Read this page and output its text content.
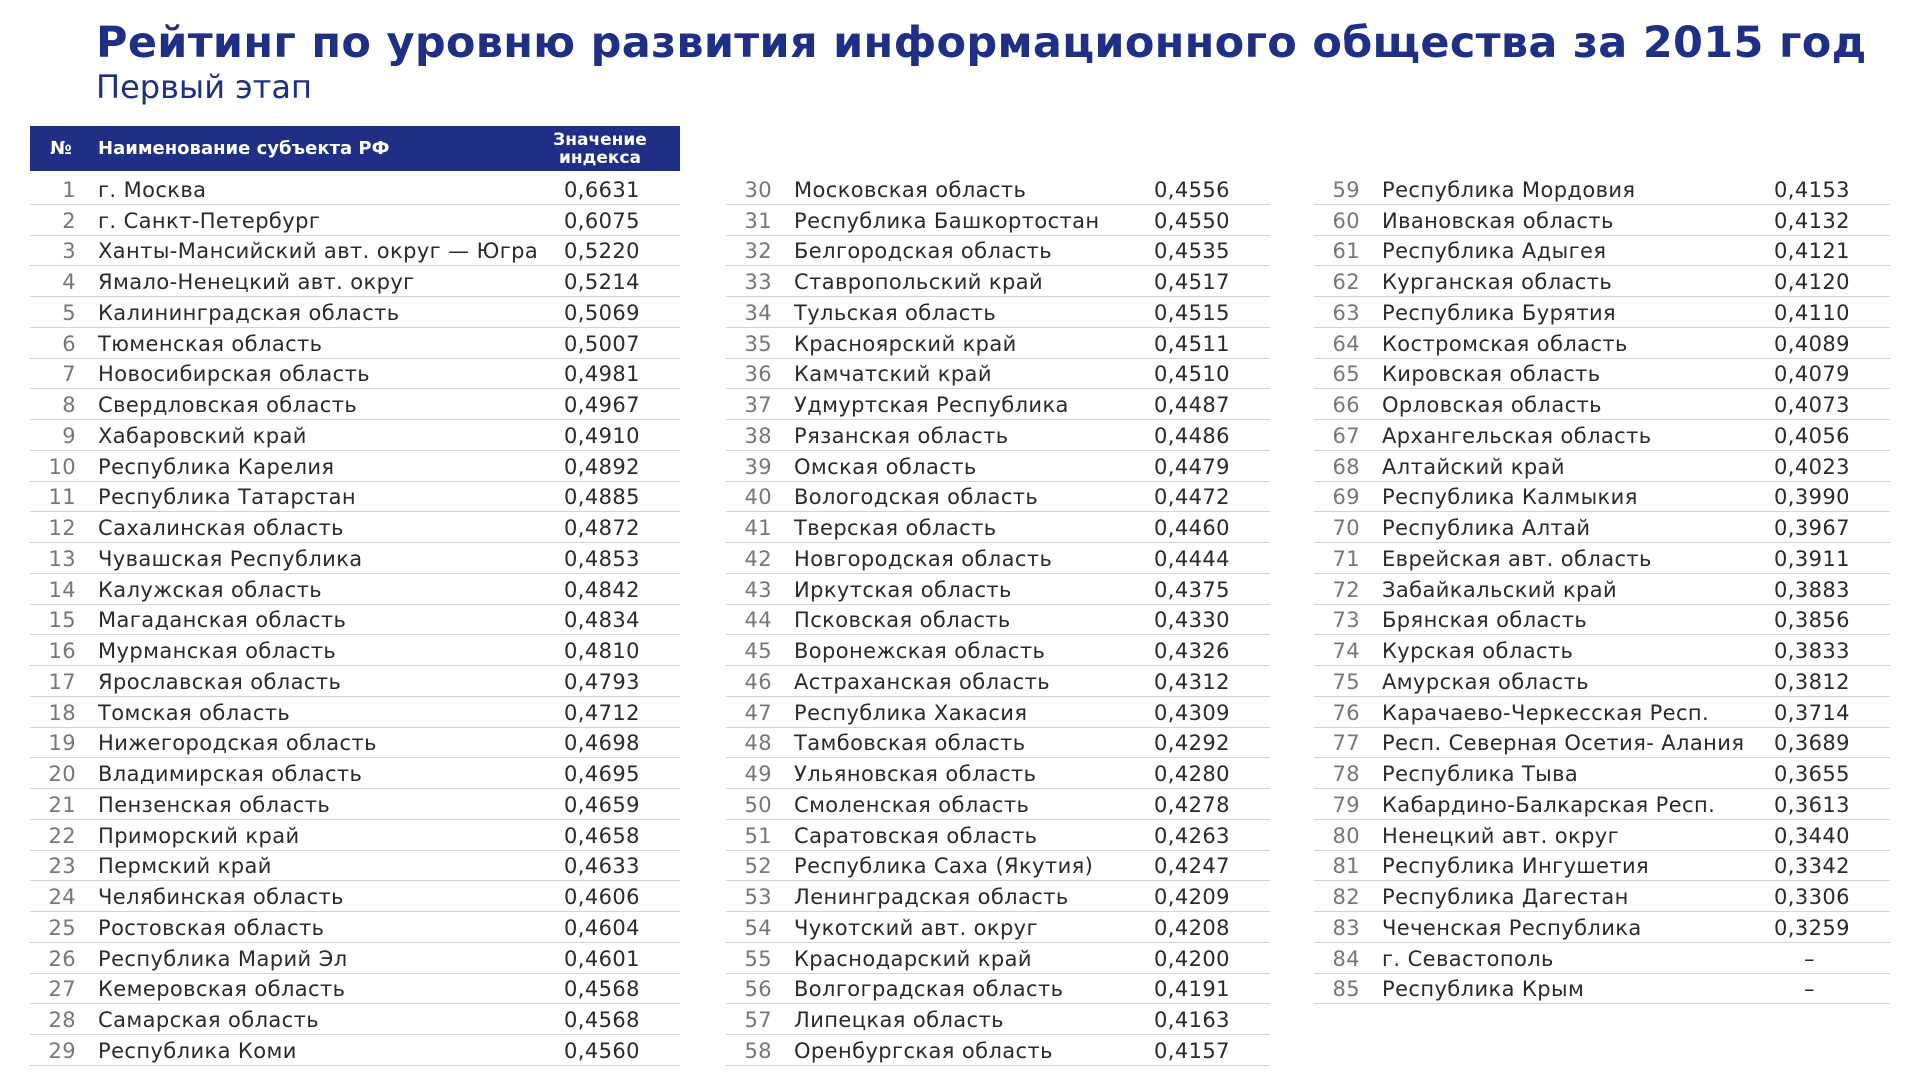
Рейтинг по уровню развития информационного общества за 2015 год
Первый этап
№ Наименование субъекта РФ	Значение индекса
1 г. Москва	0,6631
2 г. Санкт-Петербург	0,6075
3 Ханты-Мансийский авт. округ — Югра 0,5220
4 Ямало-Ненецкий авт. округ	0,5214
5 Калининградская область	0,5069
6 Тюменская область	0,5007
7 Новосибирская область	0,4981
8 Свердловская область	0,4967
9 Хабаровский край	0,4910
10 Республика Карелия	0,4892
11 Республика Татарстан	0,4885
12 Сахалинская область	0,4872
13 Чувашская Республика	0,4853
14 Калужская область	0,4842
15 Магаданская область	0,4834
16 Мурманская область	0,4810
17 Ярославская область	0,4793
18 Томская область	0,4712
19 Нижегородская область	0,4698
20 Владимирская область	0,4695
21 Пензенская область	0,4659
22 Приморский край	0,4658
23 Пермский край	0,4633
24 Челябинская область	0,4606
25 Ростовская область	0,4604
26 Республика Марий Эл	0,4601
27 Кемеровская область	0,4568
28 Самарская область	0,4568
29 Республика Коми	0,4560
30 Московская область	0,4556
31 Республика Башкортостан	0,4550
32 Белгородская область	0,4535
33 Ставропольский край	0,4517
34 Тульская область	0,4515
35 Красноярский край	0,4511
36 Камчатский край	0,4510
37 Удмуртская Республика	0,4487
38 Рязанская область	0,4486
39 Омская область	0,4479
40 Вологодская область	0,4472
41 Тверская область	0,4460
42 Новгородская область	0,4444
43 Иркутская область	0,4375
44 Псковская область	0,4330
45 Воронежская область	0,4326
46 Астраханская область	0,4312
47 Республика Хакасия	0,4309
48 Тамбовская область	0,4292
49 Ульяновская область	0,4280
50 Смоленская область	0,4278
51 Саратовская область	0,4263
52 Республика Саха (Якутия)	0,4247
53 Ленинградская область	0,4209
54 Чукотский авт. округ	0,4208
55 Краснодарский край	0,4200
56 Волгоградская область	0,4191
57 Липецкая область	0,4163
58 Оренбургская область	0,4157
59 Республика Мордовия	0,4153
60 Ивановская область	0,4132
61 Республика Адыгея	0,4121
62 Курганская область	0,4120
63 Республика Бурятия	0,4110
64 Костромская область	0,4089
65 Кировская область	0,4079
66 Орловская область	0,4073
67 Архангельская область	0,4056
68 Алтайский край	0,4023
69 Республика Калмыкия	0,3990
70 Республика Алтай	0,3967
71 Еврейская авт. область	0,3911
72 Забайкальский край	0,3883
73 Брянская область	0,3856
74 Курская область	0,3833
75 Амурская область	0,3812
76 Карачаево-Черкесская Респ.	0,3714
77 Респ. Северная Осетия- Алания 0,3689
78 Республика Тыва	0,3655
79 Кабардино-Балкарская Респ.	0,3613
80 Ненецкий авт. округ	0,3440
81 Республика Ингушетия	0,3342
82 Республика Дагестан	0,3306
83 Чеченская Республика	0,3259
84 г. Севастополь	–
85 Республика Крым	–
